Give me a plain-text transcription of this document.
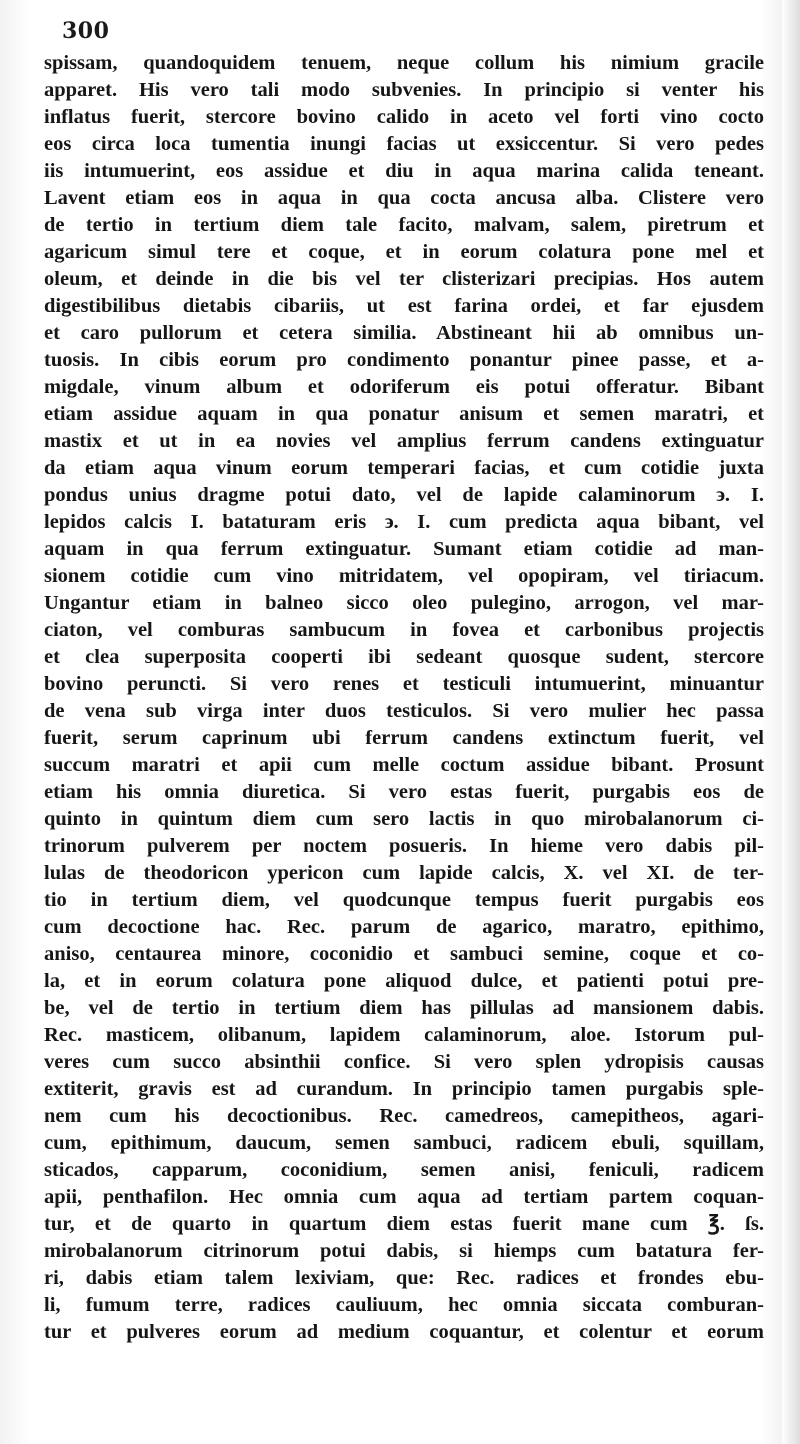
300
spissam, quandoquidem tenuem, neque collum his nimium gracile
apparet. His vero tali modo subvenies. In principio si venter his
inflatus fuerit, stercore bovino calido in aceto vel forti vino cocto
eos circa loca tumentia inungi facias ut exsiccentur. Si vero pedes
iis intumuerint, eos assidue et diu in aqua marina calida teneant.
Lavent etiam eos in aqua in qua cocta ancusa alba. Clistere vero
de tertio in tertium diem tale facito, malvam, salem, piretrum et
agaricum simul tere et coque, et in eorum colatura pone mel et
oleum, et deinde in die bis vel ter clisterizari precipias. Hos autem
digestibilibus dietabis cibariis, ut est farina ordei, et far ejusdem
et caro pullorum et cetera similia. Abstineant hii ab omnibus un-
tuosis. In cibis eorum pro condimento ponantur pinee passe, et a-
migdale, vinum album et odoriferum eis potui offeratur. Bibant
etiam assidue aquam in qua ponatur anisum et semen maratri, et
mastix et ut in ea novies vel amplius ferrum candens extinguatur
da etiam aqua vinum eorum temperari facias, et cum cotidie juxta
pondus unius dragme potui dato, vel de lapide calaminorum ϶. I.
lepidos calcis I. bataturam eris ϶. I. cum predicta aqua bibant, vel
aquam in qua ferrum extinguatur. Sumant etiam cotidie ad man-
sionem cotidie cum vino mitridatem, vel opopiram, vel tiriacum.
Ungantur etiam in balneo sicco oleo pulegino, arrogon, vel mar-
ciaton, vel comburas sambucum in fovea et carbonibus projectis
et clea superposita cooperti ibi sedeant quosque sudent, stercore
bovino peruncti. Si vero renes et testiculi intumuerint, minuantur
de vena sub virga inter duos testiculos. Si vero mulier hec passa
fuerit, serum caprinum ubi ferrum candens extinctum fuerit, vel
succum maratri et apii cum melle coctum assidue bibant. Prosunt
etiam his omnia diuretica. Si vero estas fuerit, purgabis eos de
quinto in quintum diem cum sero lactis in quo mirobalanorum ci-
trinorum pulverem per noctem posueris. In hieme vero dabis pil-
lulas de theodoricon ypericon cum lapide calcis, X. vel XI. de ter-
tio in tertium diem, vel quodcunque tempus fuerit purgabis eos
cum decoctione hac. Rec. parum de agarico, maratro, epithimo,
aniso, centaurea minore, coconidio et sambuci semine, coque et co-
la, et in eorum colatura pone aliquod dulce, et patienti potui pre-
be, vel de tertio in tertium diem has pillulas ad mansionem dabis.
Rec. masticem, olibanum, lapidem calaminorum, aloe. Istorum pul-
veres cum succo absinthii confice. Si vero splen ydropisis causas
extiterit, gravis est ad curandum. In principio tamen purgabis sple-
nem cum his decoctionibus. Rec. camedreos, camepitheos, agari-
cum, epithimum, daucum, semen sambuci, radicem ebuli, squillam,
sticados, capparum, coconidium, semen anisi, feniculi, radicem
apii, penthafilon. Hec omnia cum aqua ad tertiam partem coquan-
tur, et de quarto in quartum diem estas fuerit mane cum ℥. ſs.
mirobalanorum citrinorum potui dabis, si hiemps cum batatura fer-
ri, dabis etiam talem lexiviam, que: Rec. radices et frondes ebu-
li, fumum terre, radices cauliuum, hec omnia siccata comburan-
tur et pulveres eorum ad medium coquantur, et colentur et eorum
